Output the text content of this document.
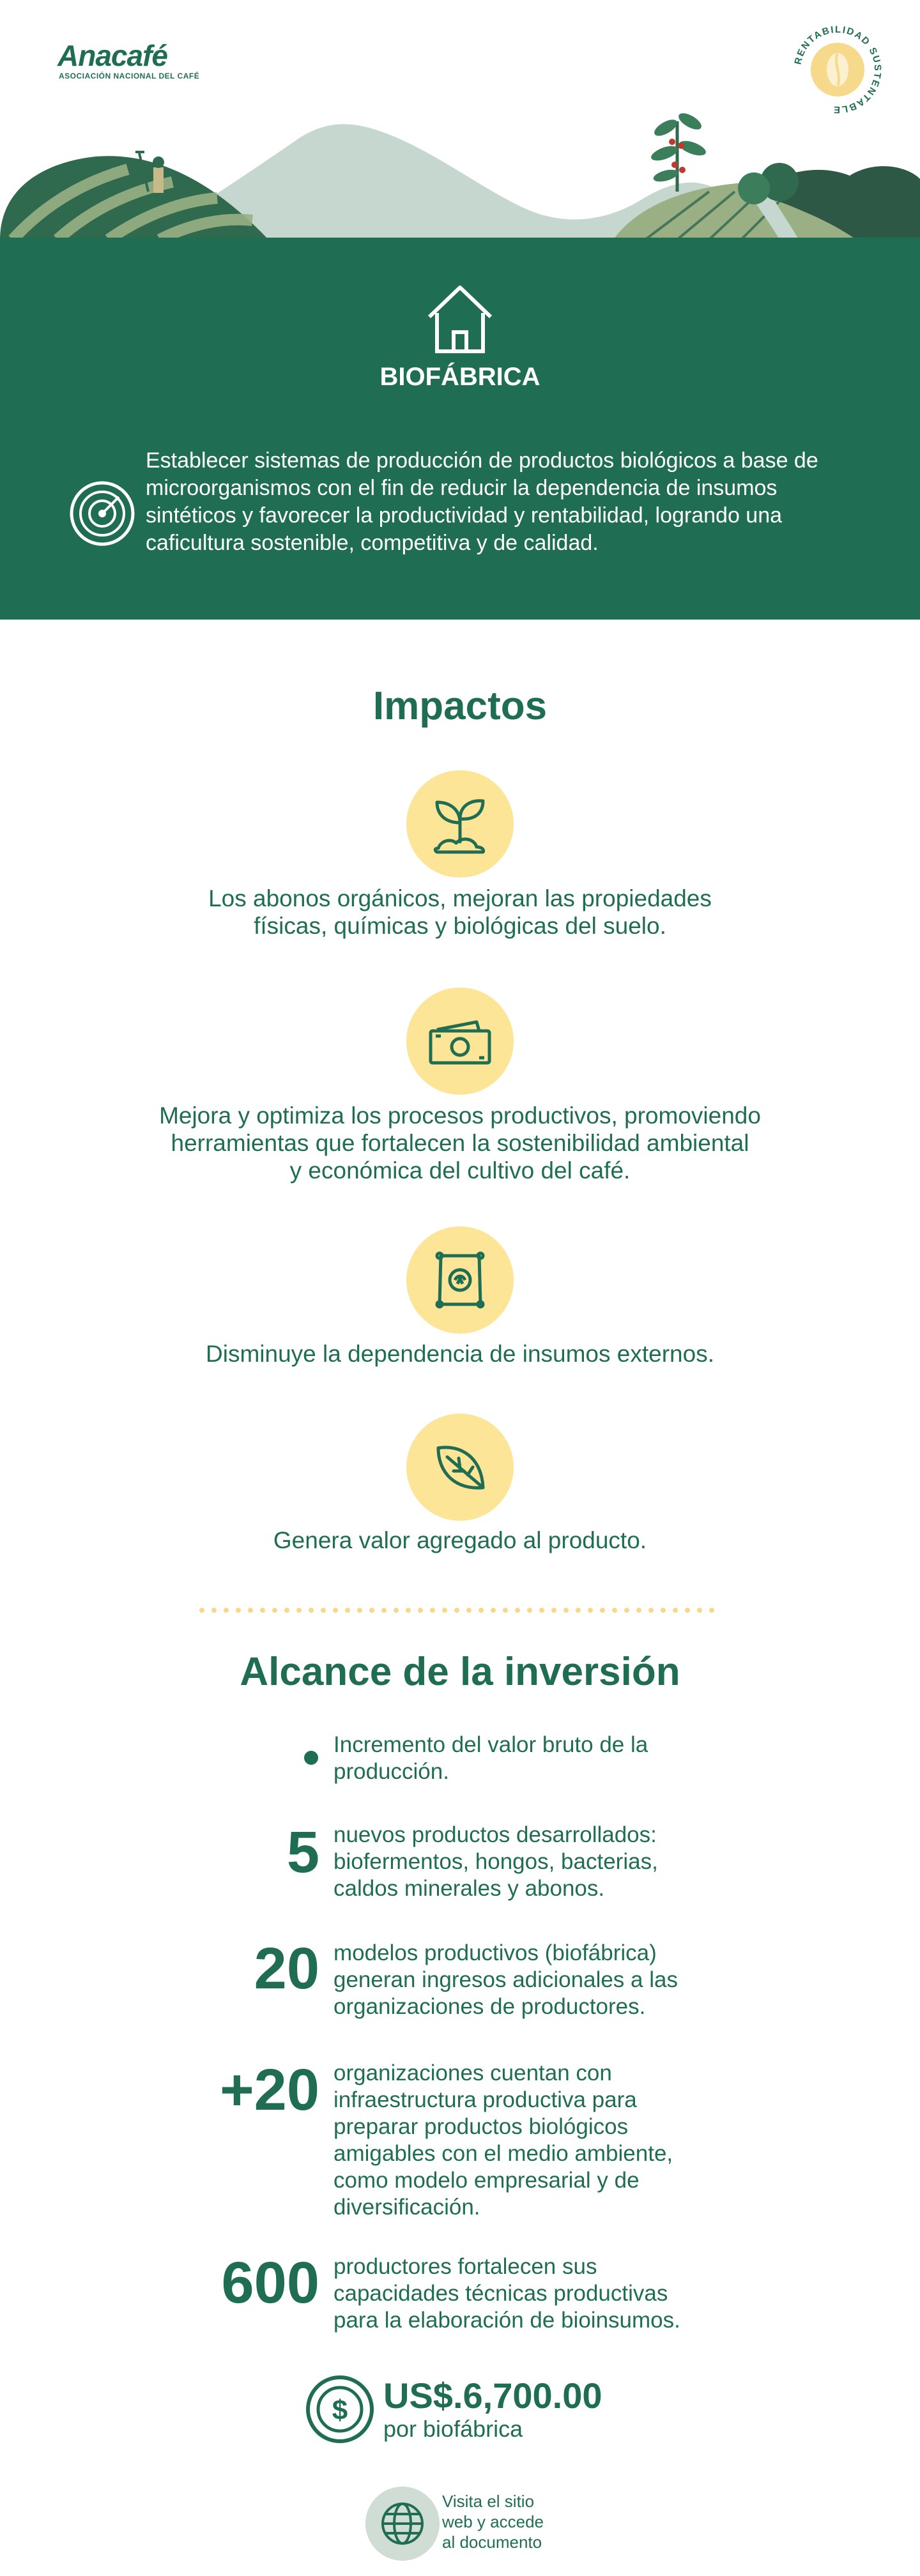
Anacafé
ASOCIACIÓN NACIONAL DEL CAFÉ
RENTABILIDAD SUSTENTABLE
BIOFÁBRICA
Establecer sistemas de producción de productos biológicos a base de microorganismos con el fin de reducir la dependencia de insumos sintéticos y favorecer la productividad y rentabilidad, logrando una caficultura sostenible, competitiva y de calidad.
Impactos
Los abonos orgánicos, mejoran las propiedades
físicas, químicas y biológicas del suelo.
Mejora y optimiza los procesos productivos, promoviendo
herramientas que fortalecen la sostenibilidad ambiental
y económica del cultivo del café.
Disminuye la dependencia de insumos externos.
Genera valor agregado al producto.
Alcance de la inversión
Incremento del valor bruto de la
producción.
5 nuevos productos desarrollados:
biofermentos, hongos, bacterias,
caldos minerales y abonos.
20 modelos productivos (biofábrica)
generan ingresos adicionales a las
organizaciones de productores.
+20 organizaciones cuentan con
infraestructura productiva para
preparar productos biológicos
amigables con el medio ambiente,
como modelo empresarial y de
diversificación.
600 productores fortalecen sus
capacidades técnicas productivas
para la elaboración de bioinsumos.
$ US$.6,700.00
por biofábrica
Visita el sitio
web y accede
al documento
